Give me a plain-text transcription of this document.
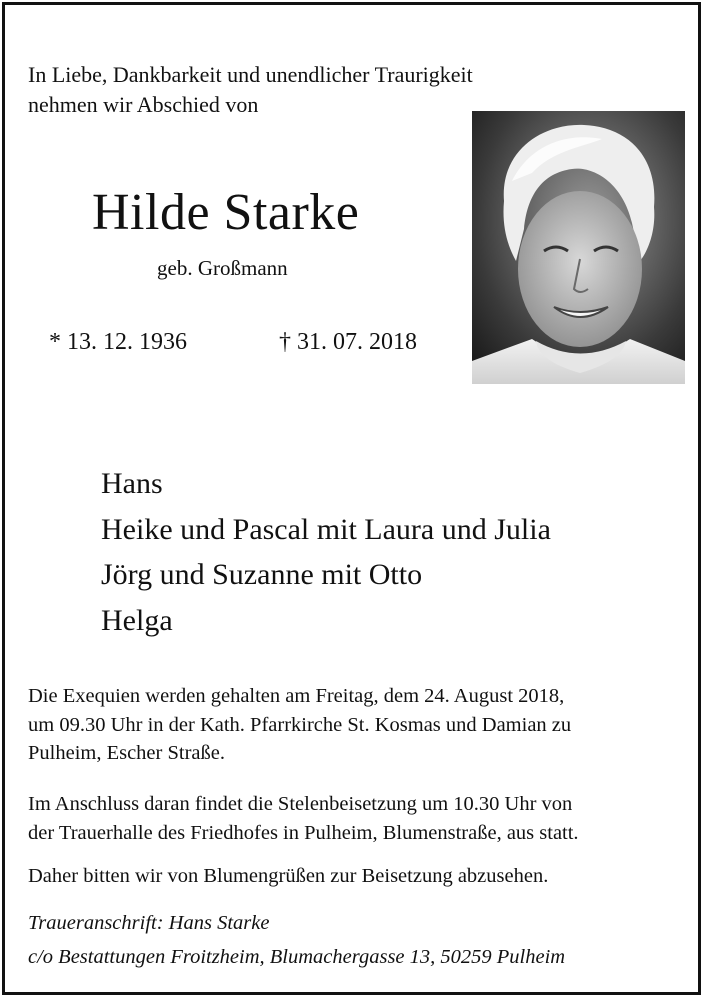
In Liebe, Dankbarkeit und unendlicher Traurigkeit
nehmen wir Abschied von
Hilde Starke
geb. Großmann
* 13. 12. 1936	† 31. 07. 2018
Hans
Heike und Pascal mit Laura und Julia
Jörg und Suzanne mit Otto
Helga
Die Exequien werden gehalten am Freitag, dem 24. August 2018,
um 09.30 Uhr in der Kath. Pfarrkirche St. Kosmas und Damian zu
Pulheim, Escher Straße.
Im Anschluss daran findet die Stelenbeisetzung um 10.30 Uhr von
der Trauerhalle des Friedhofes in Pulheim, Blumenstraße, aus statt.
Daher bitten wir von Blumengrüßen zur Beisetzung abzusehen.
Traueranschrift: Hans Starke
c/o Bestattungen Froitzheim, Blumachergasse 13, 50259 Pulheim
